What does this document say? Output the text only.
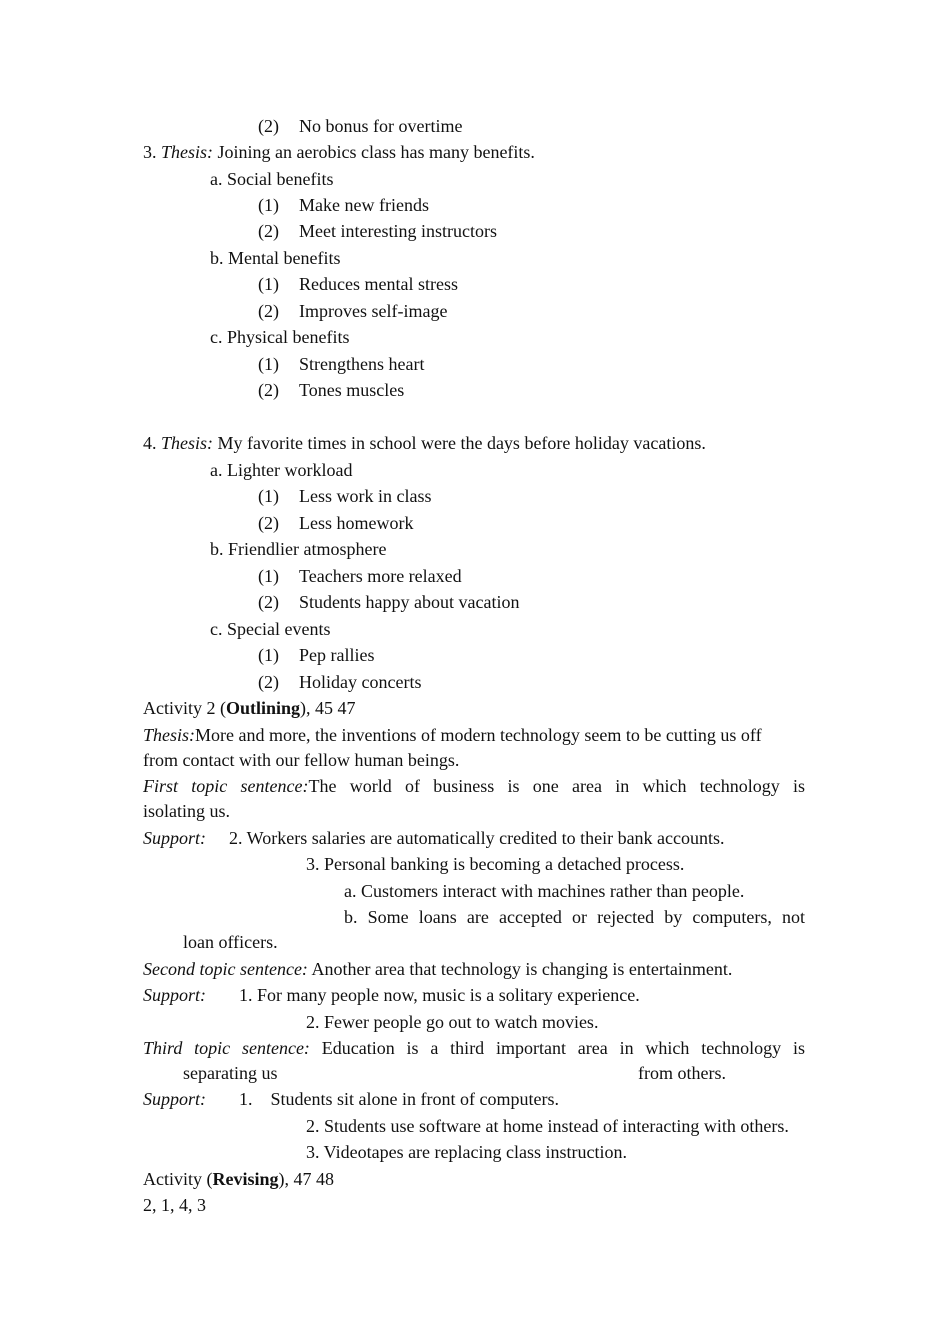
(2) No bonus for overtime
3. Thesis: Joining an aerobics class has many benefits.
a. Social benefits
(1) Make new friends
(2) Meet interesting instructors
b. Mental benefits
(1) Reduces mental stress
(2) Improves self-image
c. Physical benefits
(1) Strengthens heart
(2) Tones muscles
4. Thesis: My favorite times in school were the days before holiday vacations.
a. Lighter workload
(1) Less work in class
(2) Less homework
b. Friendlier atmosphere
(1) Teachers more relaxed
(2) Students happy about vacation
c. Special events
(1) Pep rallies
(2) Holiday concerts
Activity 2 (Outlining), 45 47
Thesis:More and more, the inventions of modern technology seem to be cutting us off
from contact with our fellow human beings.
First topic sentence:The world of business is one area in which technology is
isolating us.
Support: 2. Workers salaries are automatically credited to their bank accounts.
3. Personal banking is becoming a detached process.
a. Customers interact with machines rather than people.
b. Some loans are accepted or rejected by computers, not
loan officers.
Second topic sentence: Another area that technology is changing is entertainment.
Support: 1. For many people now, music is a solitary experience.
2. Fewer people go out to watch movies.
Third topic sentence: Education is a third important area in which technology is
separating us	from others.
Support: 1.    Students sit alone in front of computers.
2. Students use software at home instead of interacting with others.
3. Videotapes are replacing class instruction.
Activity (Revising), 47 48
2, 1, 4, 3
